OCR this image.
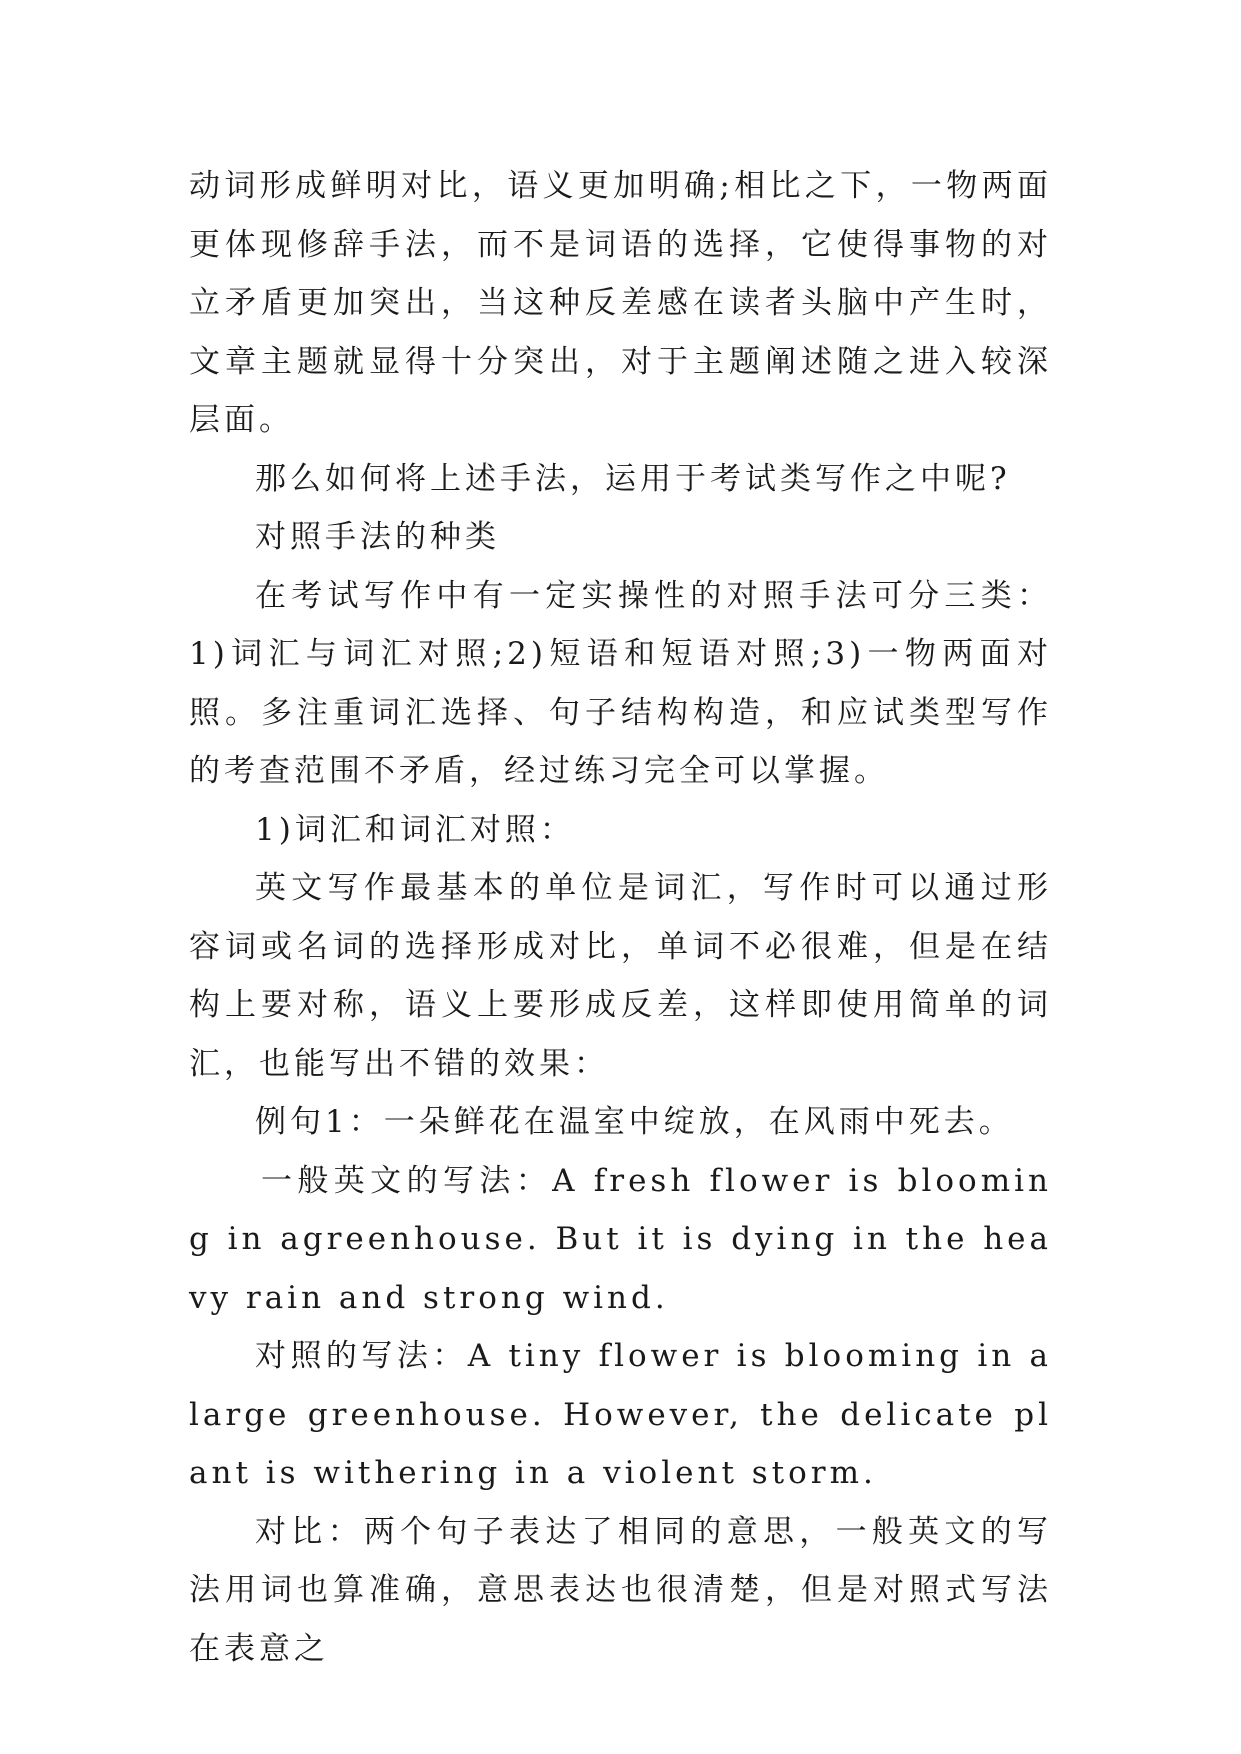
动词形成鲜明对比，语义更加明确;相比之下，一物两面更体现修辞手法，而不是词语的选择，它使得事物的对立矛盾更加突出，当这种反差感在读者头脑中产生时，文章主题就显得十分突出，对于主题阐述随之进入较深层面。

那么如何将上述手法，运用于考试类写作之中呢?

对照手法的种类

在考试写作中有一定实操性的对照手法可分三类：1)词汇与词汇对照;2)短语和短语对照;3)一物两面对照。多注重词汇选择、句子结构构造，和应试类型写作的考查范围不矛盾，经过练习完全可以掌握。

1)词汇和词汇对照：

英文写作最基本的单位是词汇，写作时可以通过形容词或名词的选择形成对比，单词不必很难，但是在结构上要对称，语义上要形成反差，这样即使用简单的词汇，也能写出不错的效果：

例句1：一朵鲜花在温室中绽放，在风雨中死去。

一般英文的写法：A fresh flower is blooming in agreenhouse. But it is dying in the heavy rain and strong wind.

对照的写法：A tiny flower is blooming in alarge greenhouse. However, the delicate plant is withering in a violent storm.

对比：两个句子表达了相同的意思，一般英文的写法用词也算准确，意思表达也很清楚，但是对照式写法在表意之
